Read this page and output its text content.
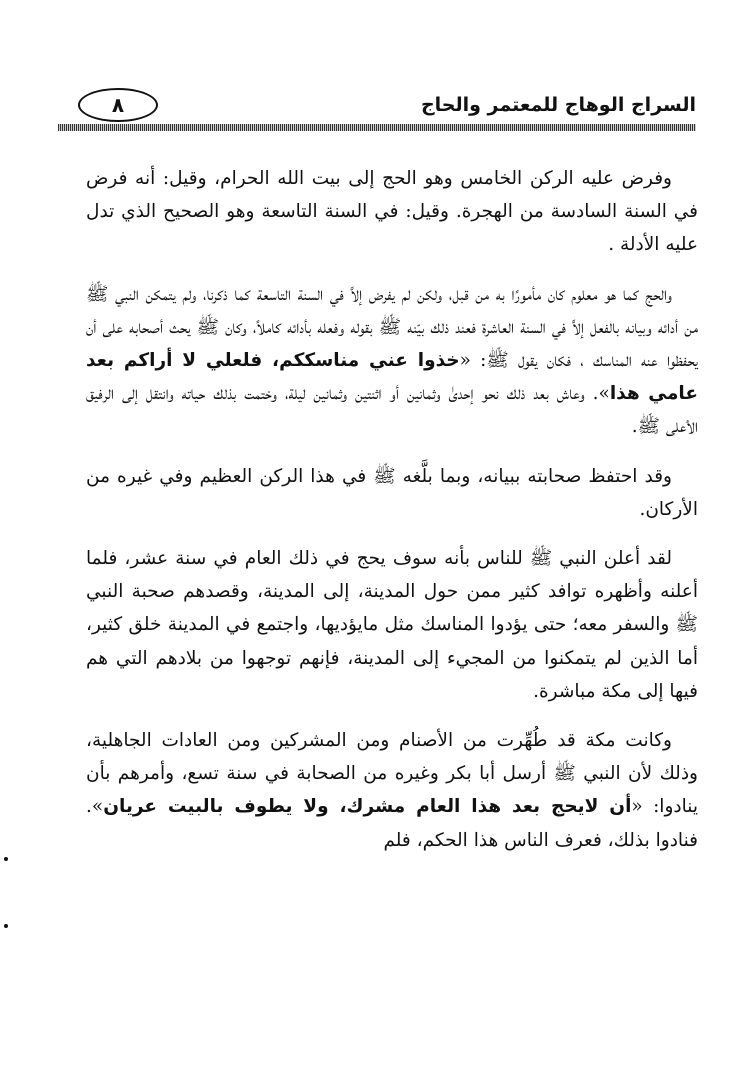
السراج الوهاج للمعتمر والحاج
٨

وفرض عليه الركن الخامس وهو الحج إلى بيت الله الحرام، وقيل: أنه فرض في السنة السادسة من الهجرة. وقيل: في السنة التاسعة وهو الصحيح الذي تدل عليه الأدلة .

والحج كما هو معلوم كان مأمورًا به من قبل، ولكن لم يفرض إلاَّ في السنة التاسعة كما ذكرنا، ولم يتمكن النبي ﷺ من أدائه وبيانه بالفعل إلاَّ في السنة العاشرة فعند ذلك بيّنه ﷺ بقوله وفعله بأدائه كاملاً، وكان ﷺ يحث أصحابه على أن يحفظوا عنه المناسك ، فكان يقول ﷺ: «خذوا عني مناسككم، فلعلي لا أراكم بعد عامي هذا». وعاش بعد ذلك نحو إحدىٰ وثمانين أو اثنتين وثمانين ليلة، وختمت بذلك حياته وانتقل إلى الرفيق الأعلى ﷺ.

وقد احتفظ صحابته ببيانه، وبما بلَّغه ﷺ في هذا الركن العظيم وفي غيره من الأركان.

لقد أعلن النبي ﷺ للناس بأنه سوف يحج في ذلك العام في سنة عشر، فلما أعلنه وأظهره توافد كثير ممن حول المدينة، إلى المدينة، وقصدهم صحبة النبي ﷺ والسفر معه؛ حتى يؤدوا المناسك مثل مايؤديها، واجتمع في المدينة خلق كثير، أما الذين لم يتمكنوا من المجيء إلى المدينة، فإنهم توجهوا من بلادهم التي هم فيها إلى مكة مباشرة.

وكانت مكة قد طُهِّرت من الأصنام ومن المشركين ومن العادات الجاهلية، وذلك لأن النبي ﷺ أرسل أبا بكر وغيره من الصحابة في سنة تسع، وأمرهم بأن ينادوا: «أن لايحج بعد هذا العام مشرك، ولا يطوف بالبيت عريان». فنادوا بذلك، فعرف الناس هذا الحكم، فلم
